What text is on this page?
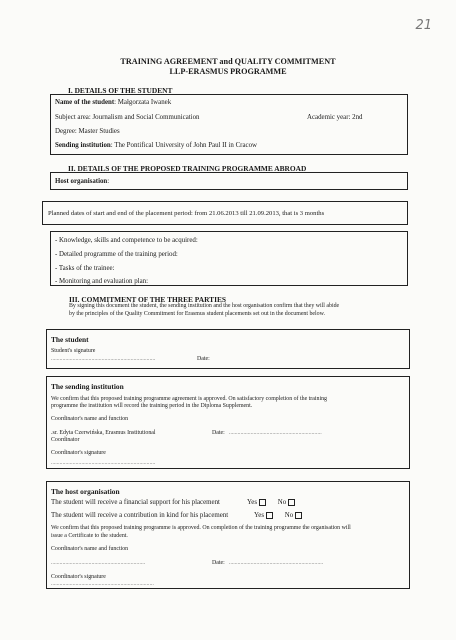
21
TRAINING AGREEMENT and QUALITY COMMITMENT
LLP-ERASMUS PROGRAMME
I. DETAILS OF THE STUDENT
Name of the student: Małgorzata Iwanek
Subject area: Journalism and Social Communication	Academic year: 2nd
Degree: Master Studies
Sending institution: The Pontifical University of John Paul II in Cracow
II. DETAILS OF THE PROPOSED TRAINING PROGRAMME ABROAD
Host organisation:
Planned dates of start and end of the placement period: from 21.06.2013 till 21.09.2013, that is 3 months
- Knowledge, skills and competence to be acquired:
- Detailed programme of the training period:
- Tasks of the trainee:
- Monitoring and evaluation plan:
III. COMMITMENT OF THE THREE PARTIES
By signing this document the student, the sending institution and the host organisation confirm that they will abide
by the principles of the Quality Commitment for Erasmus student placements set out in the document below.
The student
Student's signature
........................................................................	Date:
The sending institution
We confirm that this proposed training programme agreement is approved. On satisfactory completion of the training
programme the institution will record the training period in the Diploma Supplement.
Coordinator's name and function
.sr. Edyta Czerwińska, Erasmus Institutional
Coordinator
Date: ................................................................
Coordinator's signature
........................................................................
The host organisation
The student will receive a financial support for his placement	Yes	No
The student will receive a contribution in kind for his placement	Yes	No
We confirm that this proposed training programme is approved. On completion of the training programme the organisation will
issue a Certificate to the student.
Coordinator's name and function
.................................................................	Date: .................................................................
Coordinator's signature
.......................................................................
